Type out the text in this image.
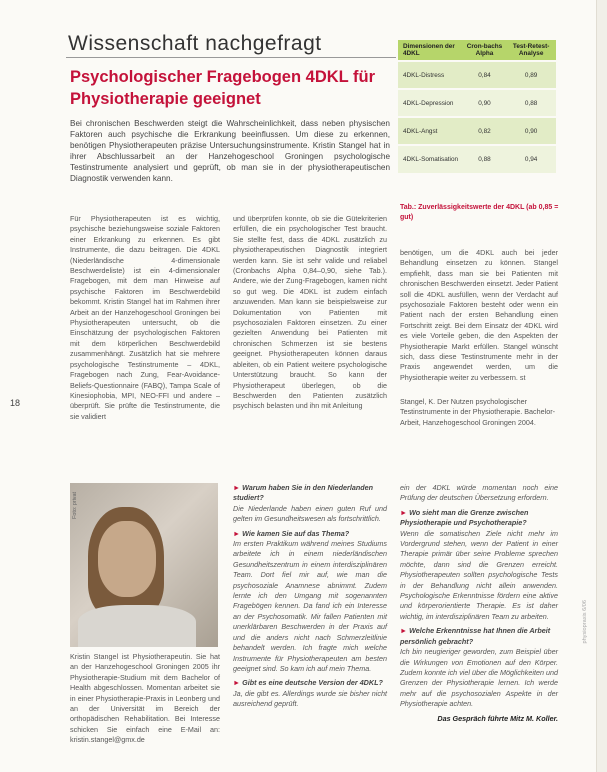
Wissenschaft nachgefragt
Psychologischer Fragebogen 4DKL für Physiotherapie geeignet
Bei chronischen Beschwerden steigt die Wahrscheinlichkeit, dass neben physischen Faktoren auch psychische die Erkrankung beeinflussen. Um diese zu erkennen, benötigen Physiotherapeuten präzise Untersuchungsinstrumente. Kristin Stangel hat in ihrer Abschlussarbeit an der Hanzehogeschool Groningen psychologische Testinstrumente analysiert und geprüft, ob man sie in der physiotherapeutischen Diagnostik verwenden kann.
Dimensionen der 4DKL	Cron-bachs Alpha	Test-Retest-Analyse
4DKL-Distress	0,84	0,89
4DKL-Depression	0,90	0,88
4DKL-Angst	0,82	0,90
4DKL-Somatisation	0,88	0,94
Tab.: Zuverlässigkeitswerte der 4DKL (ab 0,85 = gut)
18
Für Physiotherapeuten ist es wichtig, psychische beziehungsweise soziale Faktoren einer Erkrankung zu erkennen. Es gibt Instrumente, die dazu beitragen. Die 4DKL (Niederländische 4-dimensionale Beschwerdeliste) ist ein 4-dimensionaler Fragebogen, mit dem man Hinweise auf psychische Faktoren im Beschwerdebild bekommt. Kristin Stangel hat im Rahmen ihrer Arbeit an der Hanzehogeschool Groningen bei Physiotherapeuten untersucht, ob die Einschätzung der psychologischen Faktoren mit dem körperlichen Beschwerdebild zusammenhängt. Zusätzlich hat sie mehrere psychologische Testinstrumente – 4DKL, Fragebogen nach Zung, Fear-Avoidance-Beliefs-Questionnaire (FABQ), Tampa Scale of Kinesiophobia, MPI, NEO-FFI und andere – überprüft. Sie prüfte die Testinstrumente, die sie validiert
und überprüfen konnte, ob sie die Gütekriterien erfüllen, die ein psychologischer Test braucht. Sie stellte fest, dass die 4DKL zusätzlich zu physiotherapeutischen Diagnostik integriert werden kann. Sie ist sehr valide und reliabel (Cronbachs Alpha 0,84–0,90, siehe Tab.). Andere, wie der Zung-Fragebogen, kamen nicht so gut weg. Die 4DKL ist zudem einfach anzuwenden. Man kann sie beispielsweise zur Dokumentation von Patienten mit psychosozialen Faktoren einsetzen. Zu einer gezielten Anwendung bei Patienten mit chronischen Schmerzen ist sie bestens geeignet. Physiotherapeuten können daraus ableiten, ob ein Patient weitere psychologische Unterstützung braucht. So kann der Physiotherapeut überlegen, ob die Beschwerden den Patienten zusätzlich psychisch belasten und ihn mit Anleitung
benötigen, um die 4DKL auch bei jeder Behandlung einsetzen zu können. Stangel empfiehlt, dass man sie bei Patienten mit chronischen Beschwerden einsetzt. Jeder Patient soll die 4DKL ausfüllen, wenn der Verdacht auf psychosoziale Faktoren besteht oder wenn ein Patient nach der ersten Behandlung einen Fortschritt zeigt. Bei dem Einsatz der 4DKL wird es viele Vorteile geben, die den Aspekten der Physiotherapie Markt erfüllen. Stangel wünscht sich, dass diese Testinstrumente mehr in der Praxis angewendet werden, um die Physiotherapie weiter zu verbessern. st
Stangel, K. Der Nutzen psychologischer Testinstrumente in der Physiotherapie. Bachelor-Arbeit, Hanzehogeschool Groningen 2004.
Foto: privat
Kristin Stangel ist Physiotherapeutin. Sie hat an der Hanzehogeschool Groningen 2005 ihr Physiotherapie-Studium mit dem Bachelor of Health abgeschlossen. Momentan arbeitet sie in einer Physiotherapie-Praxis in Leonberg und an der Universität im Bereich der orthopädischen Rehabilitation. Bei Interesse schicken Sie einfach eine E-Mail an: kristin.stangel@gmx.de
► Warum haben Sie in den Niederlanden studiert?
Die Niederlande haben einen guten Ruf und gelten im Gesundheitswesen als fortschrittlich.
► Wie kamen Sie auf das Thema?
Im ersten Praktikum während meines Studiums arbeitete ich in einem niederländischen Gesundheitszentrum in einem interdisziplinären Team. Dort fiel mir auf, wie man die psychosoziale Anamnese abnimmt. Zudem lernte ich den Umgang mit sogenannten Fragebögen kennen. Da fand ich ein Interesse an der Psychosomatik. Mir fallen Patienten mit unerklärbaren Beschwerden in der Praxis auf und die anders nicht nach Schmerzleitlinie behandelt werden. Ich fragte mich welche Instrumente für Physiotherapeuten am besten geeignet sind. So kam ich auf mein Thema.
► Gibt es eine deutsche Version der 4DKL?
Ja, die gibt es. Allerdings wurde sie bisher nicht ausreichend geprüft.
ein der 4DKL würde momentan noch eine Prüfung der deutschen Übersetzung erfordern.
► Wo sieht man die Grenze zwischen Physiotherapie und Psychotherapie?
Wenn die somatischen Ziele nicht mehr im Vordergrund stehen, wenn der Patient in einer Therapie primär über seine Probleme sprechen möchte, dann sind die Grenzen erreicht. Physiotherapeuten sollten psychologische Tests in der Behandlung nicht allein anwenden. Psychologische Erkenntnisse fördern eine aktive und körperorientierte Therapie. Es ist daher wichtig, im interdisziplinären Team zu arbeiten.
► Welche Erkenntnisse hat Ihnen die Arbeit persönlich gebracht?
Ich bin neugieriger geworden, zum Beispiel über die Wirkungen von Emotionen auf den Körper. Zudem konnte ich viel über die Möglichkeiten und Grenzen der Physiotherapie lernen. Ich werde mehr auf die psychosozialen Aspekte in der Physiotherapie achten.
Das Gespräch führte Mitz M. Koller.
physiopraxis 6/06
